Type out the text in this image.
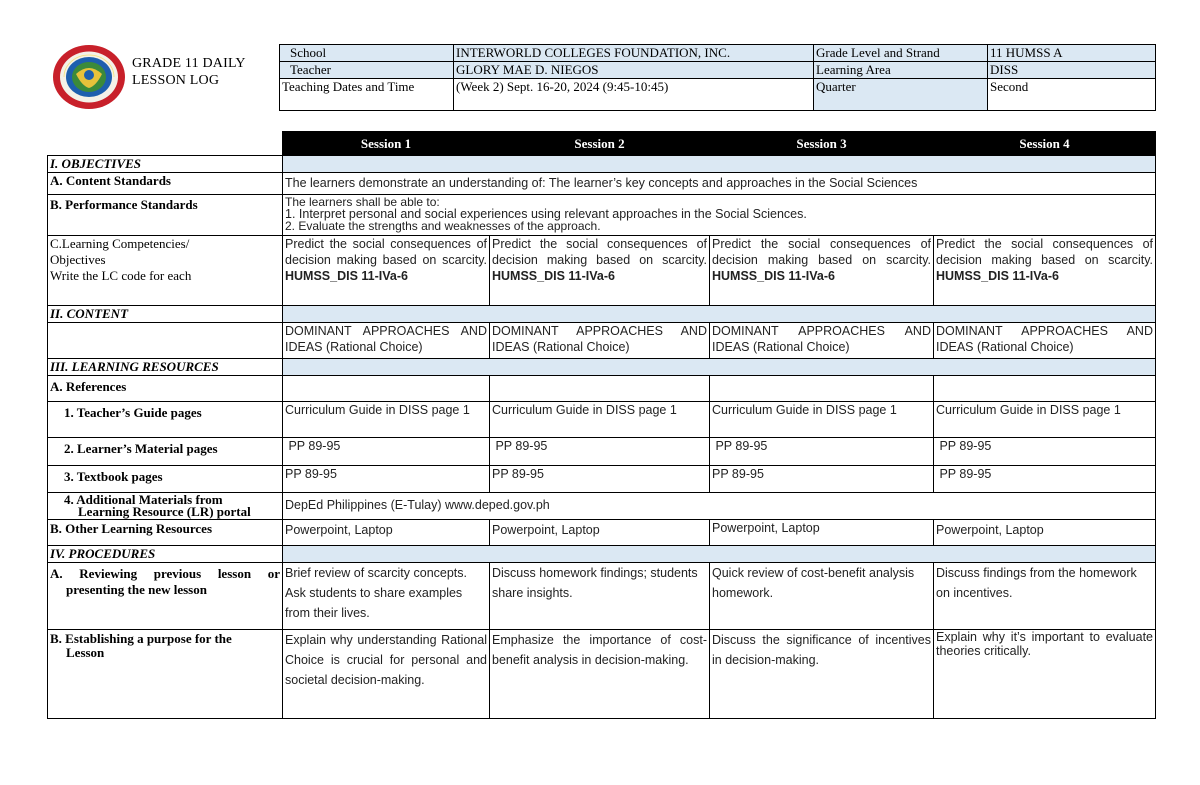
GRADE 11 DAILY
LESSON LOG
School	INTERWORLD COLLEGES FOUNDATION, INC.	Grade Level and Strand	11 HUMSS A
Teacher	GLORY MAE D. NIEGOS	Learning Area	DISS
Teaching Dates and Time	(Week 2) Sept. 16-20, 2024 (9:45-10:45)	Quarter	Second
	Session 1	Session 2	Session 3	Session 4
I. OBJECTIVES				
A. Content Standards	The learners demonstrate an understanding of: The learner’s key concepts and approaches in the Social Sciences			
B. Performance Standards	The learners shall be able to:
1. Interpret personal and social experiences using relevant approaches in the Social Sciences.
2. Evaluate the strengths and weaknesses of the approach.			

C.Learning Competencies/
Objectives
Write the LC code for each	Predict the social consequences of decision making based on scarcity. HUMSS_DIS 11-IVa-6	Predict the social consequences of decision making based on scarcity. HUMSS_DIS 11-IVa-6	Predict the social consequences of decision making based on scarcity. HUMSS_DIS 11-IVa-6	Predict the social consequences of decision making based on scarcity. HUMSS_DIS 11-IVa-6
II. CONTENT				
	DOMINANT APPROACHES AND IDEAS (Rational Choice)	DOMINANT APPROACHES AND IDEAS (Rational Choice)	DOMINANT APPROACHES AND IDEAS (Rational Choice)	DOMINANT APPROACHES AND IDEAS (Rational Choice)
III. LEARNING RESOURCES				
A. References				
1. Teacher’s Guide pages	Curriculum Guide in DISS page 1	Curriculum Guide in DISS page 1	Curriculum Guide in DISS page 1	Curriculum Guide in DISS page 1
2. Learner’s Material pages	PP 89-95	PP 89-95	PP 89-95	PP 89-95
3. Textbook pages	PP 89-95	PP 89-95	PP 89-95	PP 89-95

4. Additional Materials from
Learning Resource (LR) portal	DepEd Philippines (E-Tulay) www.deped.gov.ph			
B. Other Learning Resources	Powerpoint, Laptop	Powerpoint, Laptop	Powerpoint, Laptop	Powerpoint, Laptop
IV. PROCEDURES				

A. Reviewing previous lesson or
presenting the new lesson	Brief review of scarcity concepts. Ask students to share examples from their lives.	Discuss homework findings; students share insights.	Quick review of cost-benefit analysis homework.	Discuss findings from the homework on incentives.

B. Establishing a purpose for the
Lesson	Explain why understanding Rational Choice is crucial for personal and societal decision-making.	Emphasize the importance of cost-benefit analysis in decision-making.	Discuss the significance of incentives in decision-making.	Explain why it’s important to evaluate theories critically.
